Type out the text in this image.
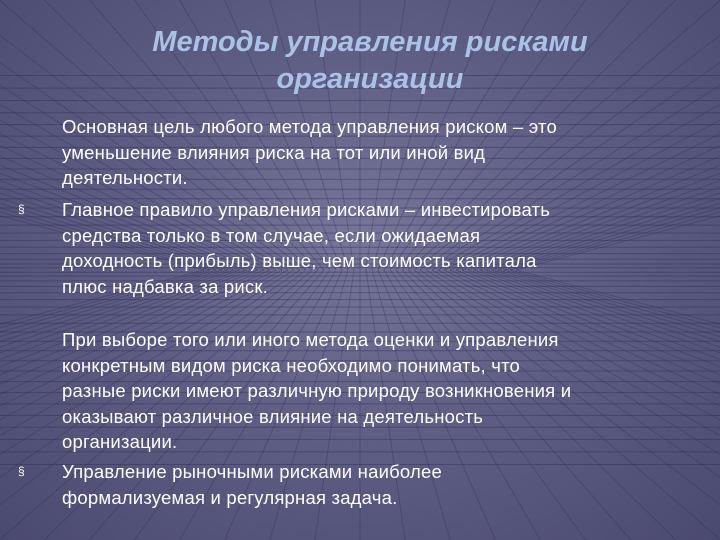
Методы управления рисками
организации
Основная цель любого метода управления риском – это
уменьшение влияния риска на тот или иной вид
деятельности.
§ Главное правило управления рисками – инвестировать
средства только в том случае, если ожидаемая
доходность (прибыль) выше, чем стоимость капитала
плюс надбавка за риск.
При выборе того или иного метода оценки и управления
конкретным видом риска необходимо понимать, что
разные риски имеют различную природу возникновения и
оказывают различное влияние на деятельность
организации.
§ Управление рыночными рисками наиболее
формализуемая и регулярная задача.
